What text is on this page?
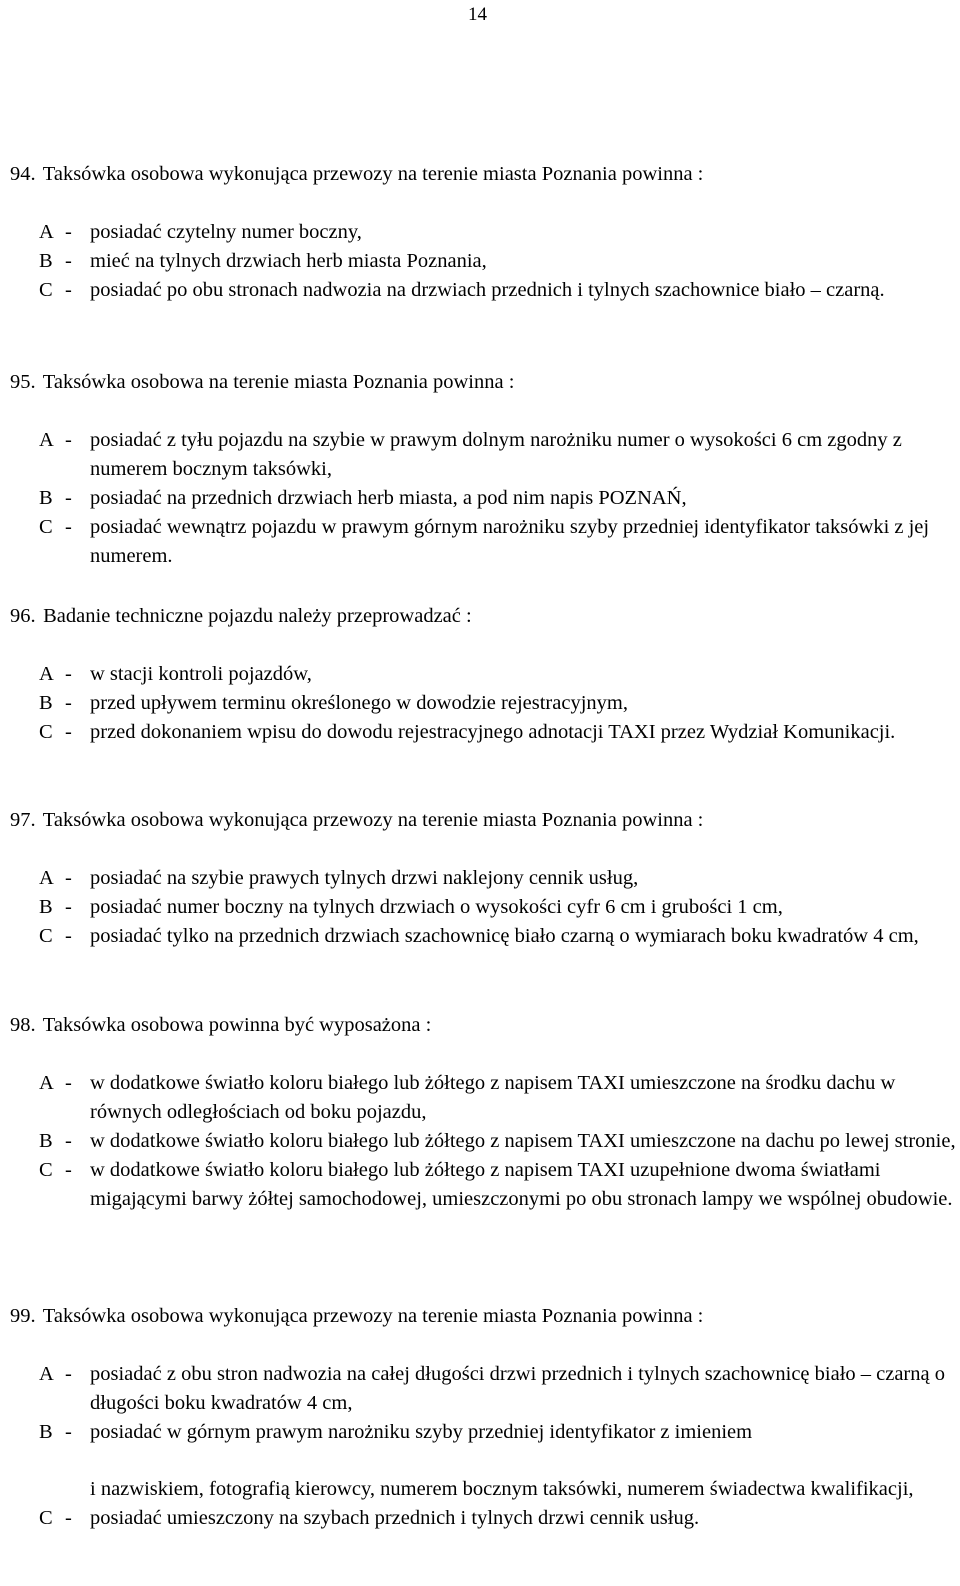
14
94. Taksówka osobowa wykonująca przewozy na terenie miasta Poznania powinna :
A - posiadać czytelny numer boczny,
B - mieć na tylnych drzwiach herb miasta Poznania,
C - posiadać po obu stronach nadwozia na drzwiach przednich i tylnych szachownice biało – czarną.
95. Taksówka osobowa na terenie miasta Poznania powinna :
A - posiadać z tyłu pojazdu na szybie w prawym dolnym narożniku numer o wysokości 6 cm zgodny z numerem bocznym taksówki,
B - posiadać na przednich drzwiach herb miasta, a pod nim napis POZNAŃ,
C - posiadać wewnątrz pojazdu w prawym górnym narożniku szyby przedniej identyfikator taksówki z jej numerem.
96. Badanie techniczne pojazdu należy przeprowadzać :
A - w stacji kontroli pojazdów,
B - przed upływem terminu określonego w dowodzie rejestracyjnym,
C - przed dokonaniem wpisu do dowodu rejestracyjnego adnotacji TAXI przez Wydział Komunikacji.
97. Taksówka osobowa wykonująca przewozy na terenie miasta Poznania powinna :
A - posiadać na szybie prawych tylnych drzwi naklejony cennik usług,
B - posiadać numer boczny na tylnych drzwiach o wysokości cyfr 6 cm i grubości 1 cm,
C - posiadać tylko na przednich drzwiach szachownicę biało czarną o wymiarach boku kwadratów 4 cm,
98. Taksówka osobowa powinna być wyposażona :
A - w dodatkowe światło koloru białego lub żółtego z napisem TAXI umieszczone na środku dachu w równych odległościach od boku pojazdu,
B - w dodatkowe światło koloru białego lub żółtego z napisem TAXI umieszczone na dachu po lewej stronie,
C - w dodatkowe światło koloru białego lub żółtego z napisem TAXI uzupełnione dwoma światłami migającymi barwy żółtej samochodowej, umieszczonymi po obu stronach lampy we wspólnej obudowie.
99. Taksówka osobowa wykonująca przewozy na terenie miasta Poznania powinna :
A - posiadać z obu stron nadwozia na całej długości drzwi przednich i tylnych szachownicę biało – czarną o długości boku kwadratów 4 cm,
B - posiadać w górnym prawym narożniku szyby przedniej identyfikator z imieniem
i nazwiskiem, fotografią kierowcy, numerem bocznym taksówki, numerem świadectwa kwalifikacji,
C - posiadać umieszczony na szybach przednich i tylnych drzwi cennik usług.
